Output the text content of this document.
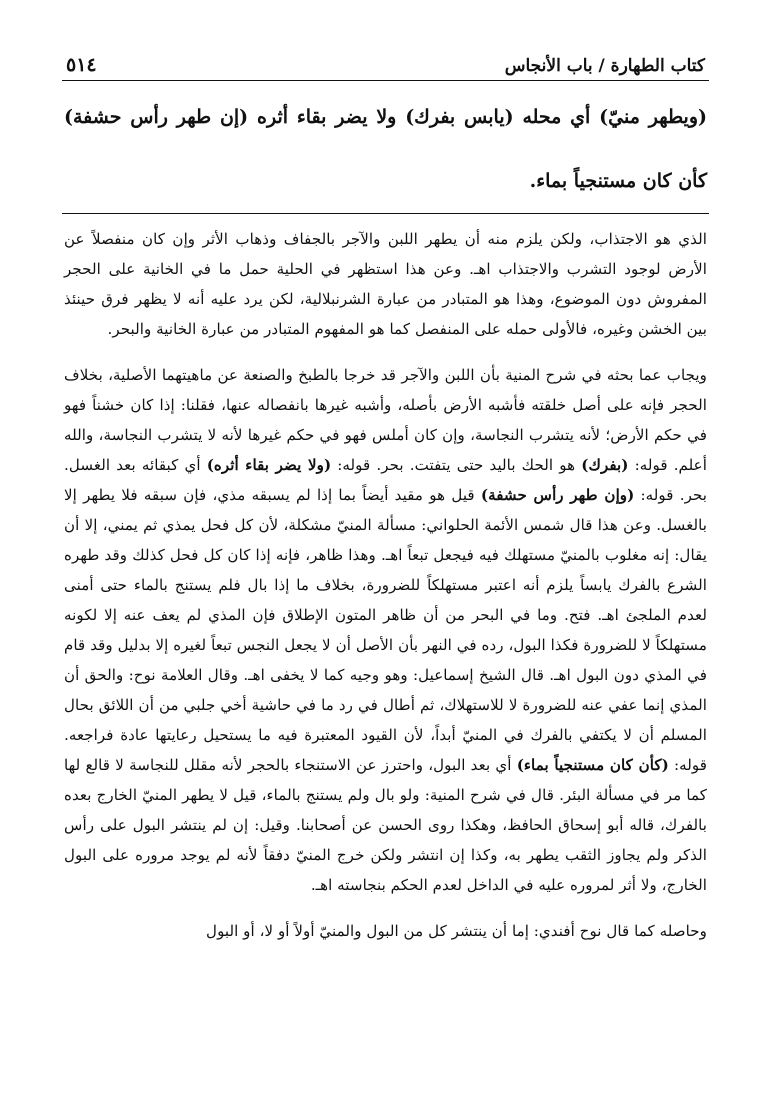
كتاب الطهارة / باب الأنجاس
٥١٤
(ويطهر منيّ) أي محله (يابس بفرك) ولا يضر بقاء أثره (إن طهر رأس حشفة) كأن كان مستنجياً بماء.

الذي هو الاجتذاب، ولكن يلزم منه أن يطهر اللبن والآجر بالجفاف وذهاب الأثر وإن كان منفصلاً عن الأرض لوجود التشرب والاجتذاب اهـ. وعن هذا استظهر في الحلية حمل ما في الخانية على الحجر المفروش دون الموضوع، وهذا هو المتبادر من عبارة الشرنبلالية، لكن يرد عليه أنه لا يظهر فرق حينئذ بين الخشن وغيره، فالأولى حمله على المنفصل كما هو المفهوم المتبادر من عبارة الخانية والبحر.

ويجاب عما بحثه في شرح المنية بأن اللبن والآجر قد خرجا بالطبخ والصنعة عن ماهيتهما الأصلية، بخلاف الحجر فإنه على أصل خلقته فأشبه الأرض بأصله، وأشبه غيرها بانفصاله عنها، فقلنا: إذا كان خشناً فهو في حكم الأرض؛ لأنه يتشرب النجاسة، وإن كان أملس فهو في حكم غيرها لأنه لا يتشرب النجاسة، والله أعلم. قوله: (بفرك) هو الحك باليد حتى يتفتت. بحر. قوله: (ولا يضر بقاء أثره) أي كبقائه بعد الغسل. بحر. قوله: (وإن طهر رأس حشفة) قيل هو مقيد أيضاً بما إذا لم يسبقه مذي، فإن سبقه فلا يطهر إلا بالغسل. وعن هذا قال شمس الأئمة الحلواني: مسألة المنيّ مشكلة، لأن كل فحل يمذي ثم يمني، إلا أن يقال: إنه مغلوب بالمنيّ مستهلك فيه فيجعل تبعاً اهـ. وهذا ظاهر، فإنه إذا كان كل فحل كذلك وقد طهره الشرع بالفرك يابساً يلزم أنه اعتبر مستهلكاً للضرورة، بخلاف ما إذا بال فلم يستنج بالماء حتى أمنى لعدم الملجئ اهـ. فتح. وما في البحر من أن ظاهر المتون الإطلاق فإن المذي لم يعف عنه إلا لكونه مستهلكاً لا للضرورة فكذا البول، رده في النهر بأن الأصل أن لا يجعل النجس تبعاً لغيره إلا بدليل وقد قام في المذي دون البول اهـ. قال الشيخ إسماعيل: وهو وجيه كما لا يخفى اهـ. وقال العلامة نوح: والحق أن المذي إنما عفي عنه للضرورة لا للاستهلاك، ثم أطال في رد ما في حاشية أخي جلبي من أن اللائق بحال المسلم أن لا يكتفي بالفرك في المنيّ أبداً، لأن القيود المعتبرة فيه ما يستحيل رعايتها عادة فراجعه. قوله: (كأن كان مستنجياً بماء) أي بعد البول، واحترز عن الاستنجاء بالحجر لأنه مقلل للنجاسة لا قالع لها كما مر في مسألة البئر. قال في شرح المنية: ولو بال ولم يستنج بالماء، قيل لا يطهر المنيّ الخارج بعده بالفرك، قاله أبو إسحاق الحافظ، وهكذا روى الحسن عن أصحابنا. وقيل: إن لم ينتشر البول على رأس الذكر ولم يجاوز الثقب يطهر به، وكذا إن انتشر ولكن خرج المنيّ دفقاً لأنه لم يوجد مروره على البول الخارج، ولا أثر لمروره عليه في الداخل لعدم الحكم بنجاسته اهـ.

وحاصله كما قال نوح أفندي: إما أن ينتشر كل من البول والمنيّ أولاً أو لا، أو البول
